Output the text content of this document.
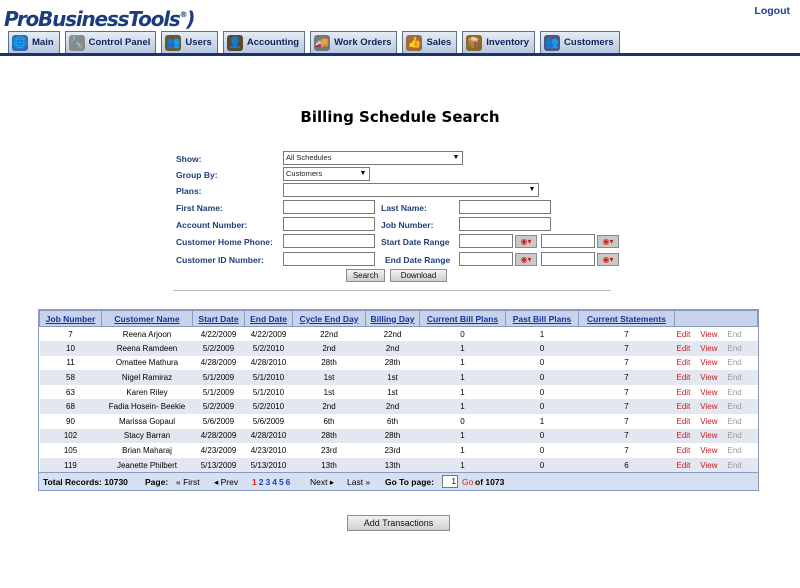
ProBusinessTools®)	Logout
🌐 Main 🔧 Control Panel 👥 Users 👤 Accounting 🚚 Work Orders 👍 Sales 📦 Inventory 👥 Customers
Billing Schedule Search
Show:	All Schedules	▼
Group By:	Customers	▼
Plans:	▼
First Name:	Last Name:
Account Number:	Job Number:
Customer Home Phone:	Start Date Range	◉▾	◉▾
Customer ID Number:	End Date Range	◉▾	◉▾
Search	Download
Job Number	Customer Name	Start Date	End Date	Cycle End Day	Billing Day	Current Bill Plans	Past Bill Plans	Current Statements	
7	Reena Arjoon	4/22/2009	4/22/2009	22nd	22nd	0	1	7	Edit View End
10	Reena Ramdeen	5/2/2009	5/2/2010	2nd	2nd	1	0	7	Edit View End
11	Omattee Mathura	4/28/2009	4/28/2010	28th	28th	1	0	7	Edit View End
58	Nigel Ramiraz	5/1/2009	5/1/2010	1st	1st	1	0	7	Edit View End
63	Karen Riley	5/1/2009	5/1/2010	1st	1st	1	0	7	Edit View End
68	Fadia Hosein- Beekie	5/2/2009	5/2/2010	2nd	2nd	1	0	7	Edit View End
90	Marissa Gopaul	5/6/2009	5/6/2009	6th	6th	0	1	7	Edit View End
102	Stacy Barran	4/28/2009	4/28/2010	28th	28th	1	0	7	Edit View End
105	Brian Maharaj	4/23/2009	4/23/2010	23rd	23rd	1	0	7	Edit View End
119	Jeanette Philbert	5/13/2009	5/13/2010	13th	13th	1	0	6	Edit View End
Total Records: 10730 Page: « First ◂ Prev 1 2 3 4 5 6 Next ▸ Last » Go To page:	1 Go of 1073
Add Transactions
